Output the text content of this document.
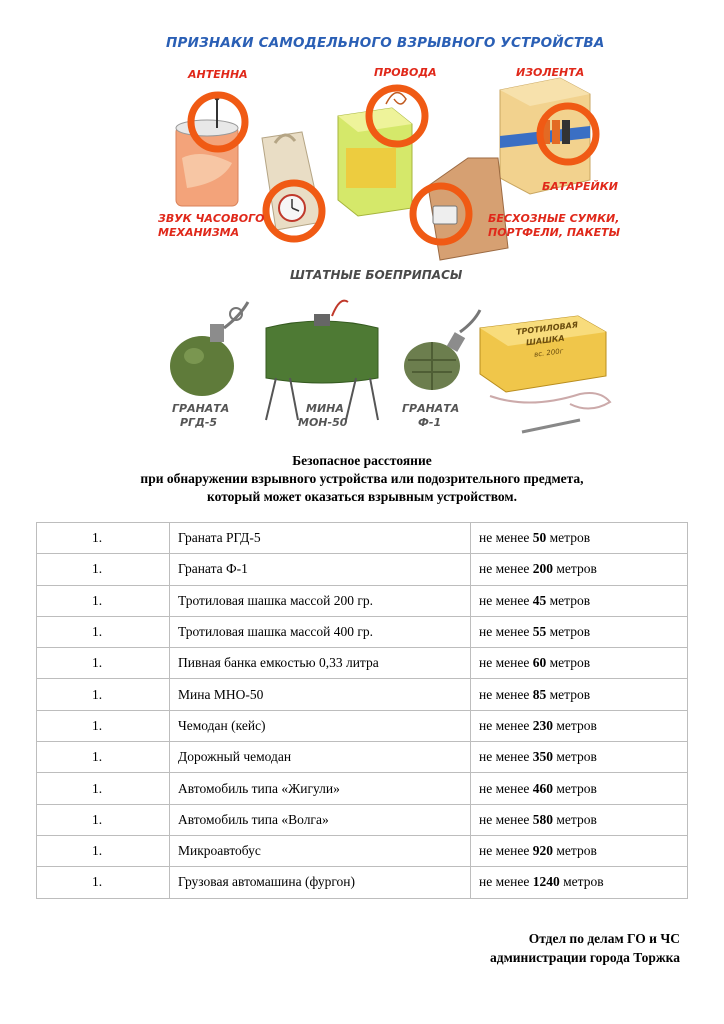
ПРИЗНАКИ САМОДЕЛЬНОГО ВЗРЫВНОГО УСТРОЙСТВА
АНТЕННА	ПРОВОДА	ИЗОЛЕНТА
БАТАРЕЙКИ
ЗВУК ЧАСОВОГО
МЕХАНИЗМА
БЕСХОЗНЫЕ СУМКИ,
ПОРТФЕЛИ, ПАКЕТЫ
ШТАТНЫЕ БОЕПРИПАСЫ
ГРАНАТА
РГД-5
МИНА
МОН-50
ГРАНАТА
Ф-1
ТРОТИЛОВАЯ
ШАШКА
вс. 200г
Безопасное расстояние
при обнаружении взрывного устройства или подозрительного предмета,
который может оказаться взрывным устройством.
1.	Граната РГД-5	не менее 50 метров
1.	Граната Ф-1	не менее 200 метров
1.	Тротиловая шашка массой 200 гр.	не менее 45 метров
1.	Тротиловая шашка массой 400 гр.	не менее 55 метров
1.	Пивная банка емкостью 0,33 литра	не менее 60 метров
1.	Мина МНО-50	не менее 85 метров
1.	Чемодан (кейс)	не менее 230 метров
1.	Дорожный чемодан	не менее 350 метров
1.	Автомобиль типа «Жигули»	не менее 460 метров
1.	Автомобиль типа «Волга»	не менее 580 метров
1.	Микроавтобус	не менее 920 метров
1.	Грузовая автомашина (фургон)	не менее 1240 метров
Отдел по делам ГО и ЧС
администрации города Торжка
